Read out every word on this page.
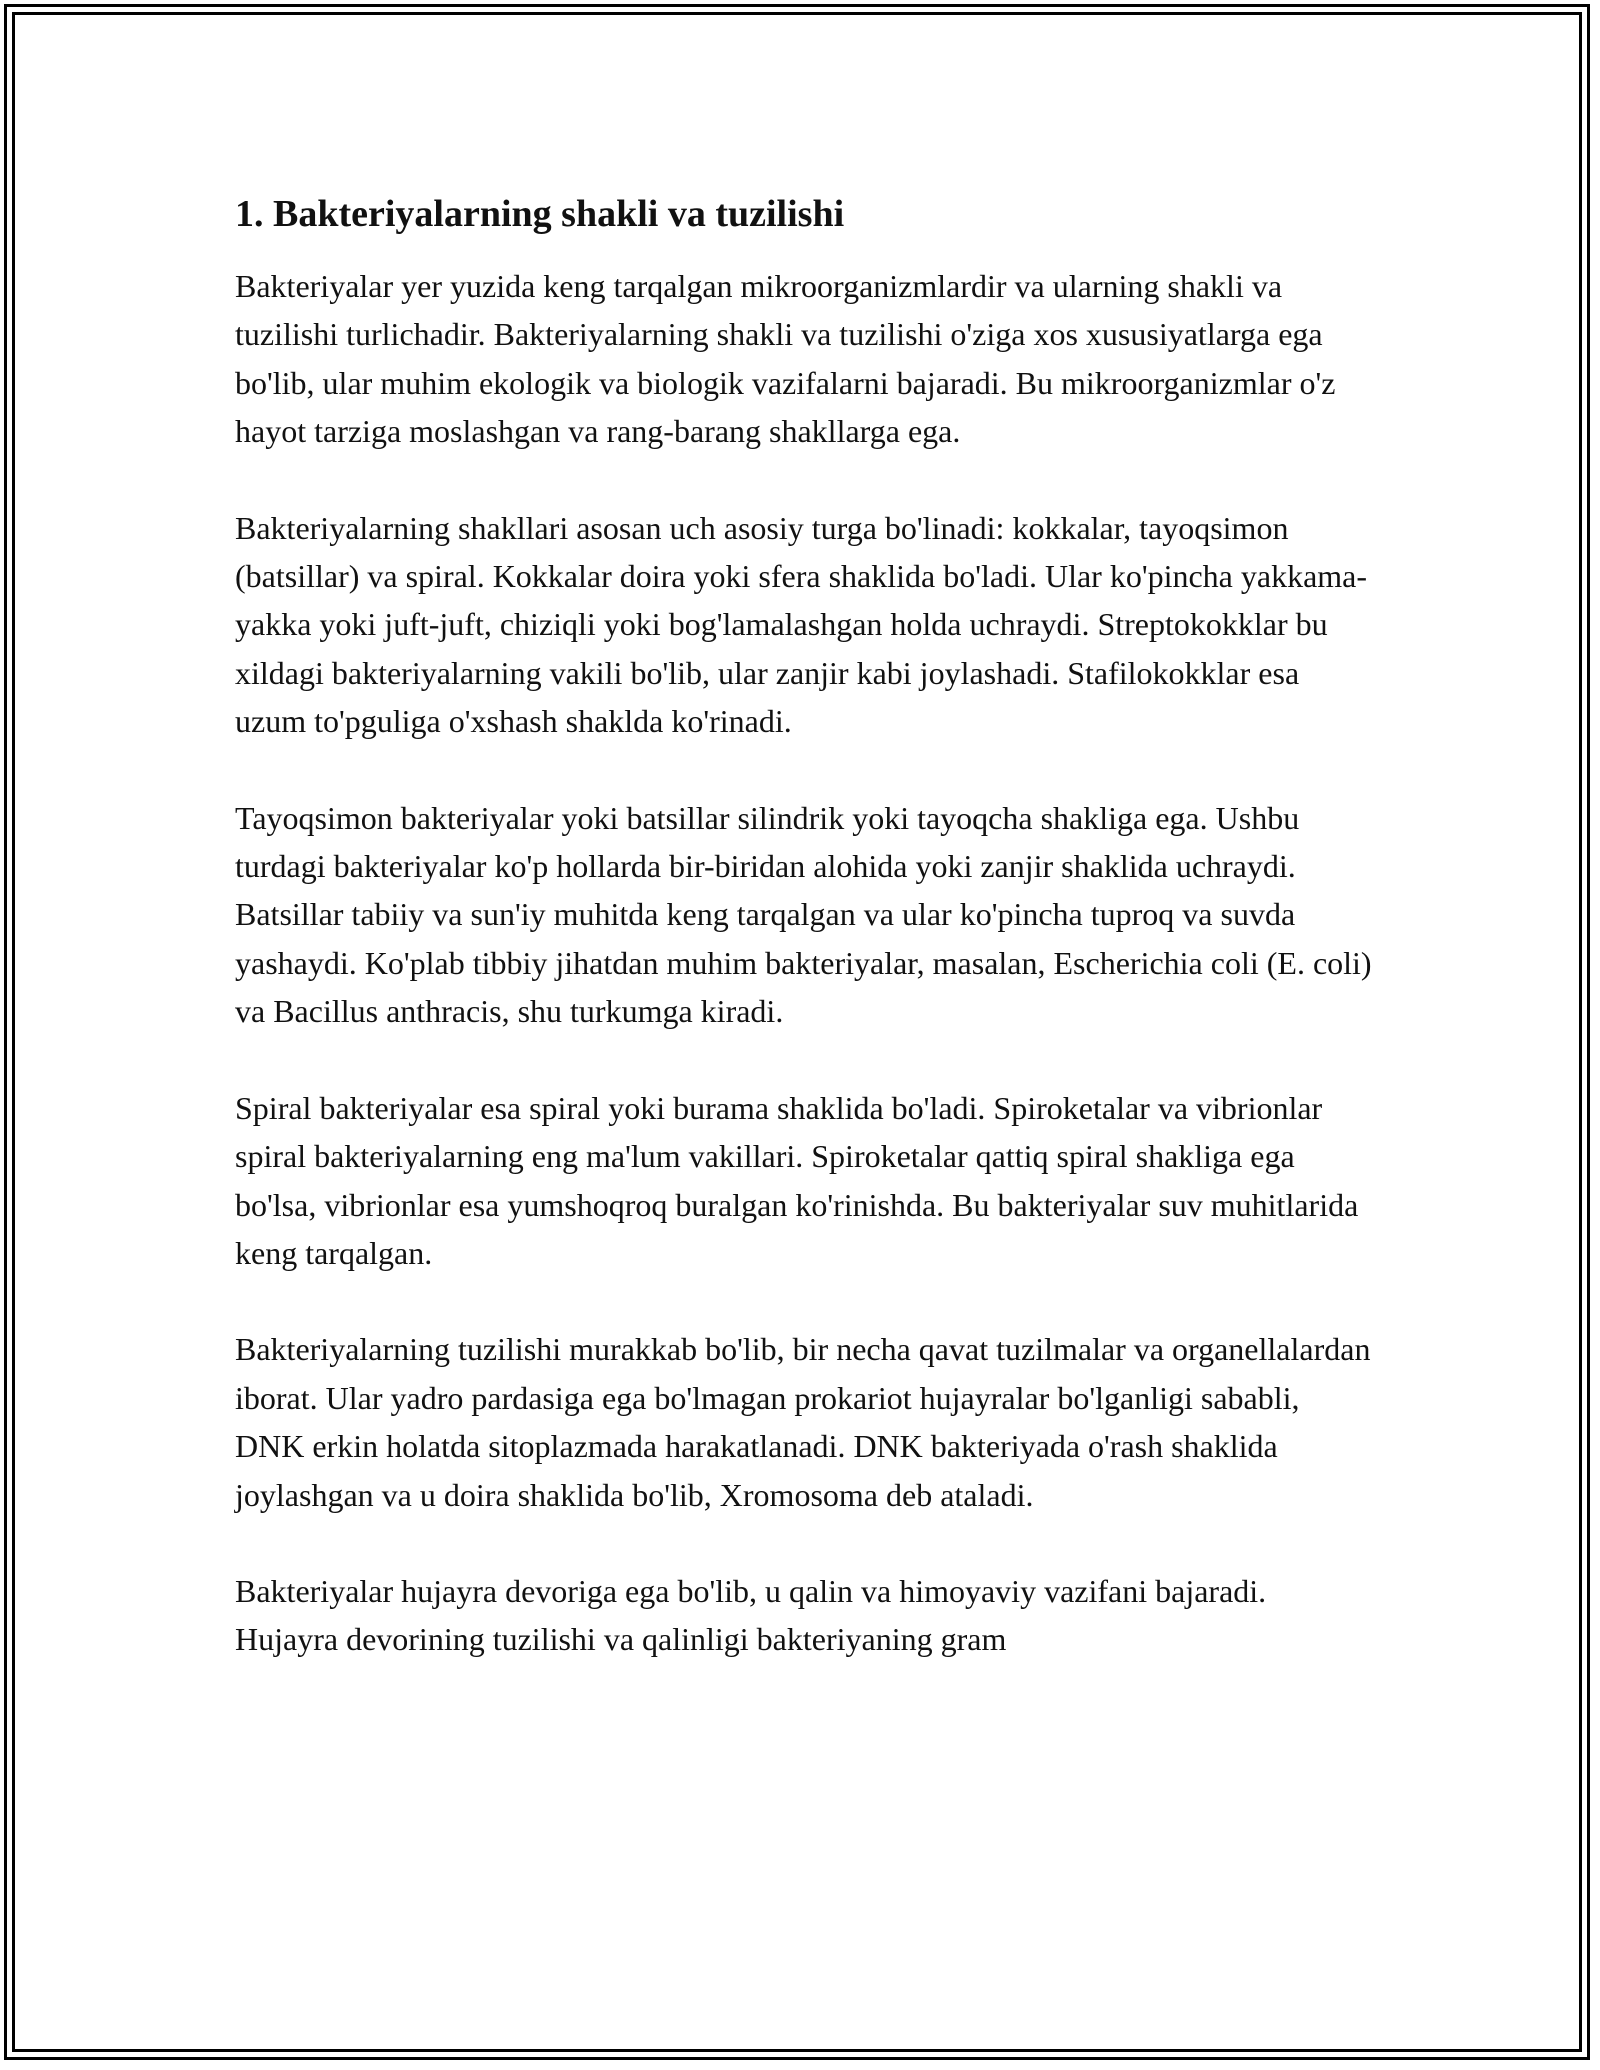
1. Bakteriyalarning shakli va tuzilishi

Bakteriyalar yer yuzida keng tarqalgan mikroorganizmlardir va ularning shakli va tuzilishi turlichadir. Bakteriyalarning shakli va tuzilishi o'ziga xos xususiyatlarga ega bo'lib, ular muhim ekologik va biologik vazifalarni bajaradi. Bu mikroorganizmlar o'z hayot tarziga moslashgan va rang-barang shakllarga ega.

Bakteriyalarning shakllari asosan uch asosiy turga bo'linadi: kokkalar, tayoqsimon (batsillar) va spiral. Kokkalar doira yoki sfera shaklida bo'ladi. Ular ko'pincha yakkama-yakka yoki juft-juft, chiziqli yoki bog'lamalashgan holda uchraydi. Streptokokklar bu xildagi bakteriyalarning vakili bo'lib, ular zanjir kabi joylashadi. Stafilokokklar esa uzum to'pguliga o'xshash shaklda ko'rinadi.

Tayoqsimon bakteriyalar yoki batsillar silindrik yoki tayoqcha shakliga ega. Ushbu turdagi bakteriyalar ko'p hollarda bir-biridan alohida yoki zanjir shaklida uchraydi. Batsillar tabiiy va sun'iy muhitda keng tarqalgan va ular ko'pincha tuproq va suvda yashaydi. Ko'plab tibbiy jihatdan muhim bakteriyalar, masalan, Escherichia coli (E. coli) va Bacillus anthracis, shu turkumga kiradi.

Spiral bakteriyalar esa spiral yoki burama shaklida bo'ladi. Spiroketalar va vibrionlar spiral bakteriyalarning eng ma'lum vakillari. Spiroketalar qattiq spiral shakliga ega bo'lsa, vibrionlar esa yumshoqroq buralgan ko'rinishda. Bu bakteriyalar suv muhitlarida keng tarqalgan.

Bakteriyalarning tuzilishi murakkab bo'lib, bir necha qavat tuzilmalar va organellalardan iborat. Ular yadro pardasiga ega bo'lmagan prokariot hujayralar bo'lganligi sababli, DNK erkin holatda sitoplazmada harakatlanadi. DNK bakteriyada o'rash shaklida joylashgan va u doira shaklida bo'lib, Xromosoma deb ataladi.

Bakteriyalar hujayra devoriga ega bo'lib, u qalin va himoyaviy vazifani bajaradi. Hujayra devorining tuzilishi va qalinligi bakteriyaning gram
